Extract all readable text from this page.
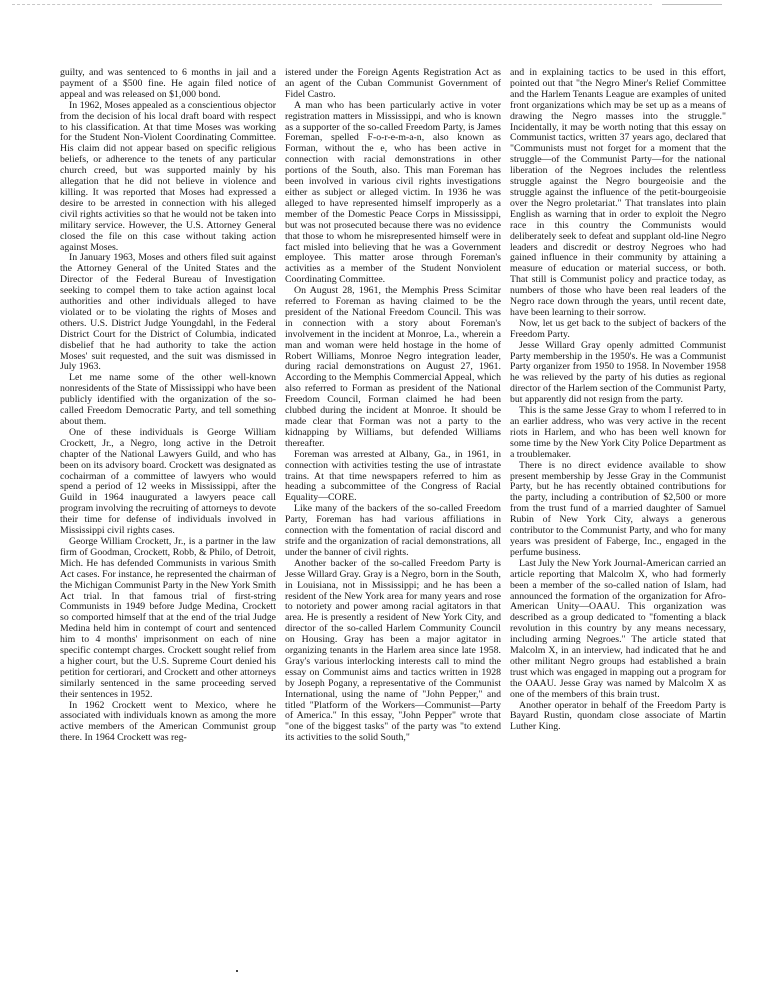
guilty, and was sentenced to 6 months in jail and a payment of a $500 fine. He again filed notice of appeal and was released on $1,000 bond.

In 1962, Moses appealed as a conscientious objector from the decision of his local draft board with respect to his classification. At that time Moses was working for the Student Non-Violent Coordinating Committee. His claim did not appear based on specific religious beliefs, or adherence to the tenets of any particular church creed, but was supported mainly by his allegation that he did not believe in violence and killing. It was reported that Moses had expressed a desire to be arrested in connection with his alleged civil rights activities so that he would not be taken into military service. However, the U.S. Attorney General closed the file on this case without taking action against Moses.

In January 1963, Moses and others filed suit against the Attorney General of the United States and the Director of the Federal Bureau of Investigation seeking to compel them to take action against local authorities and other individuals alleged to have violated or to be violating the rights of Moses and others. U.S. District Judge Youngdahl, in the Federal District Court for the District of Columbia, indicated disbelief that he had authority to take the action Moses' suit requested, and the suit was dismissed in July 1963.

Let me name some of the other well-known nonresidents of the State of Mississippi who have been publicly identified with the organization of the so-called Freedom Democratic Party, and tell something about them.

One of these individuals is George William Crockett, Jr., a Negro, long active in the Detroit chapter of the National Lawyers Guild, and who has been on its advisory board. Crockett was designated as cochairman of a committee of lawyers who would spend a period of 12 weeks in Mississippi, after the Guild in 1964 inaugurated a lawyers peace call program involving the recruiting of attorneys to devote their time for defense of individuals involved in Mississippi civil rights cases.

George William Crockett, Jr., is a partner in the law firm of Goodman, Crockett, Robb, & Philo, of Detroit, Mich. He has defended Communists in various Smith Act cases. For instance, he represented the chairman of the Michigan Communist Party in the New York Smith Act trial. In that famous trial of first-string Communists in 1949 before Judge Medina, Crockett so comported himself that at the end of the trial Judge Medina held him in contempt of court and sentenced him to 4 months' imprisonment on each of nine specific contempt charges. Crockett sought relief from a higher court, but the U.S. Supreme Court denied his petition for certiorari, and Crockett and other attorneys similarly sentenced in the same proceeding served their sentences in 1952.

In 1962 Crockett went to Mexico, where he associated with individuals known as among the more active members of the American Communist group there. In 1964 Crockett was reg-

istered under the Foreign Agents Registration Act as an agent of the Cuban Communist Government of Fidel Castro.

A man who has been particularly active in voter registration matters in Mississippi, and who is known as a supporter of the so-called Freedom Party, is James Foreman, spelled F-o-r-e-m-a-n, also known as Forman, without the e, who has been active in connection with racial demonstrations in other portions of the South, also. This man Foreman has been involved in various civil rights investigations either as subject or alleged victim. In 1936 he was alleged to have represented himself improperly as a member of the Domestic Peace Corps in Mississippi, but was not prosecuted because there was no evidence that those to whom he misrepresented himself were in fact misled into believing that he was a Government employee. This matter arose through Foreman's activities as a member of the Student Nonviolent Coordinating Committee.

On August 28, 1961, the Memphis Press Scimitar referred to Foreman as having claimed to be the president of the National Freedom Council. This was in connection with a story about Foreman's involvement in the incident at Monroe, La., wherein a man and woman were held hostage in the home of Robert Williams, Monroe Negro integration leader, during racial demonstrations on August 27, 1961. According to the Memphis Commercial Appeal, which also referred to Forman as president of the National Freedom Council, Forman claimed he had been clubbed during the incident at Monroe. It should be made clear that Forman was not a party to the kidnapping by Williams, but defended Williams thereafter.

Foreman was arrested at Albany, Ga., in 1961, in connection with activities testing the use of intrastate trains. At that time newspapers referred to him as heading a subcommittee of the Congress of Racial Equality—CORE.

Like many of the backers of the so-called Freedom Party, Foreman has had various affiliations in connection with the fomentation of racial discord and strife and the organization of racial demonstrations, all under the banner of civil rights.

Another backer of the so-called Freedom Party is Jesse Willard Gray. Gray is a Negro, born in the South, in Louisiana, not in Mississippi; and he has been a resident of the New York area for many years and rose to notoriety and power among racial agitators in that area. He is presently a resident of New York City, and director of the so-called Harlem Community Council on Housing. Gray has been a major agitator in organizing tenants in the Harlem area since late 1958. Gray's various interlocking interests call to mind the essay on Communist aims and tactics written in 1928 by Joseph Pogany, a representative of the Communist International, using the name of "John Pepper," and titled "Platform of the Workers—Communist—Party of America." In this essay, "John Pepper" wrote that "one of the biggest tasks" of the party was "to extend its activities to the solid South,"

and in explaining tactics to be used in this effort, pointed out that "the Negro Miner's Relief Committee and the Harlem Tenants League are examples of united front organizations which may be set up as a means of drawing the Negro masses into the struggle." Incidentally, it may be worth noting that this essay on Communist tactics, written 37 years ago, declared that "Communists must not forget for a moment that the struggle—of the Communist Party—for the national liberation of the Negroes includes the relentless struggle against the Negro bourgeoisie and the struggle against the influence of the petit-bourgeoisie over the Negro proletariat." That translates into plain English as warning that in order to exploit the Negro race in this country the Communists would deliberately seek to defeat and supplant old-line Negro leaders and discredit or destroy Negroes who had gained influence in their community by attaining a measure of education or material success, or both. That still is Communist policy and practice today, as numbers of those who have been real leaders of the Negro race down through the years, until recent date, have been learning to their sorrow.

Now, let us get back to the subject of backers of the Freedom Party.

Jesse Willard Gray openly admitted Communist Party membership in the 1950's. He was a Communist Party organizer from 1950 to 1958. In November 1958 he was relieved by the party of his duties as regional director of the Harlem section of the Communist Party, but apparently did not resign from the party.

This is the same Jesse Gray to whom I referred to in an earlier address, who was very active in the recent riots in Harlem, and who has been well known for some time by the New York City Police Department as a troublemaker.

There is no direct evidence available to show present membership by Jesse Gray in the Communist Party, but he has recently obtained contributions for the party, including a contribution of $2,500 or more from the trust fund of a married daughter of Samuel Rubin of New York City, always a generous contributor to the Communist Party, and who for many years was president of Faberge, Inc., engaged in the perfume business.

Last July the New York Journal-American carried an article reporting that Malcolm X, who had formerly been a member of the so-called nation of Islam, had announced the formation of the organization for Afro-American Unity—OAAU. This organization was described as a group dedicated to "fomenting a black revolution in this country by any means necessary, including arming Negroes." The article stated that Malcolm X, in an interview, had indicated that he and other militant Negro groups had established a brain trust which was engaged in mapping out a program for the OAAU. Jesse Gray was named by Malcolm X as one of the members of this brain trust.

Another operator in behalf of the Freedom Party is Bayard Rustin, quondam close associate of Martin Luther King.
